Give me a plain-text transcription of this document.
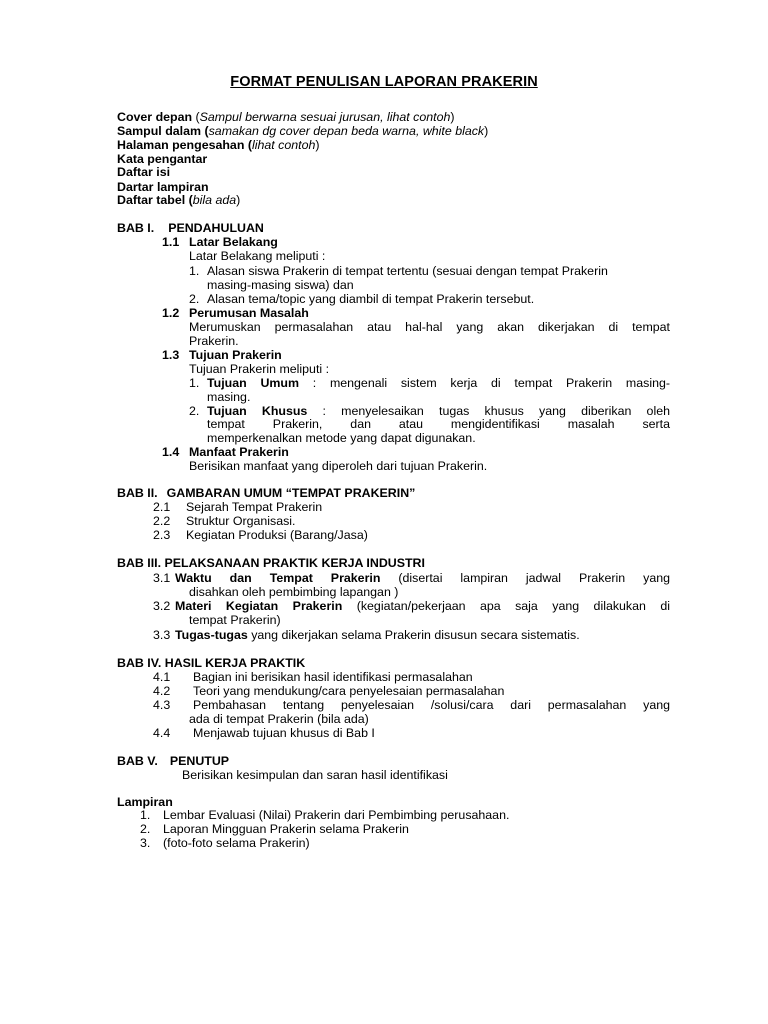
FORMAT PENULISAN LAPORAN PRAKERIN
Cover depan (Sampul berwarna sesuai jurusan, lihat contoh)
Sampul dalam (samakan dg cover depan beda warna, white black)
Halaman pengesahan (lihat contoh)
Kata pengantar
Daftar isi
Dartar lampiran
Daftar tabel (bila ada)
BAB I. PENDAHULUAN
1.1 Latar Belakang
Latar Belakang meliputi :
1. Alasan siswa Prakerin di tempat tertentu (sesuai dengan tempat Prakerin
masing-masing siswa) dan
2. Alasan tema/topic yang diambil di tempat Prakerin tersebut.
1.2 Perumusan Masalah
Merumuskan permasalahan atau hal-hal yang akan dikerjakan di tempat
Prakerin.
1.3 Tujuan Prakerin
Tujuan Prakerin meliputi :
1. Tujuan Umum : mengenali sistem kerja di tempat Prakerin masing-
masing.
2. Tujuan Khusus : menyelesaikan tugas khusus yang diberikan oleh
tempat Prakerin, dan atau mengidentifikasi masalah serta
memperkenalkan metode yang dapat digunakan.
1.4 Manfaat Prakerin
Berisikan manfaat yang diperoleh dari tujuan Prakerin.
BAB II. GAMBARAN UMUM “TEMPAT PRAKERIN”
2.1 Sejarah Tempat Prakerin
2.2 Struktur Organisasi.
2.3 Kegiatan Produksi (Barang/Jasa)
BAB III. PELAKSANAAN PRAKTIK KERJA INDUSTRI
3.1 Waktu dan Tempat Prakerin (disertai lampiran jadwal Prakerin yang
disahkan oleh pembimbing lapangan )
3.2 Materi Kegiatan Prakerin (kegiatan/pekerjaan apa saja yang dilakukan di
tempat Prakerin)
3.3 Tugas-tugas yang dikerjakan selama Prakerin disusun secara sistematis.
BAB IV. HASIL KERJA PRAKTIK
4.1 Bagian ini berisikan hasil identifikasi permasalahan
4.2 Teori yang mendukung/cara penyelesaian permasalahan
4.3 Pembahasan tentang penyelesaian /solusi/cara dari permasalahan yang
ada di tempat Prakerin (bila ada)
4.4 Menjawab tujuan khusus di Bab I
BAB V. PENUTUP
Berisikan kesimpulan dan saran hasil identifikasi
Lampiran
1. Lembar Evaluasi (Nilai) Prakerin dari Pembimbing perusahaan.
2. Laporan Mingguan Prakerin selama Prakerin
3. (foto-foto selama Prakerin)
